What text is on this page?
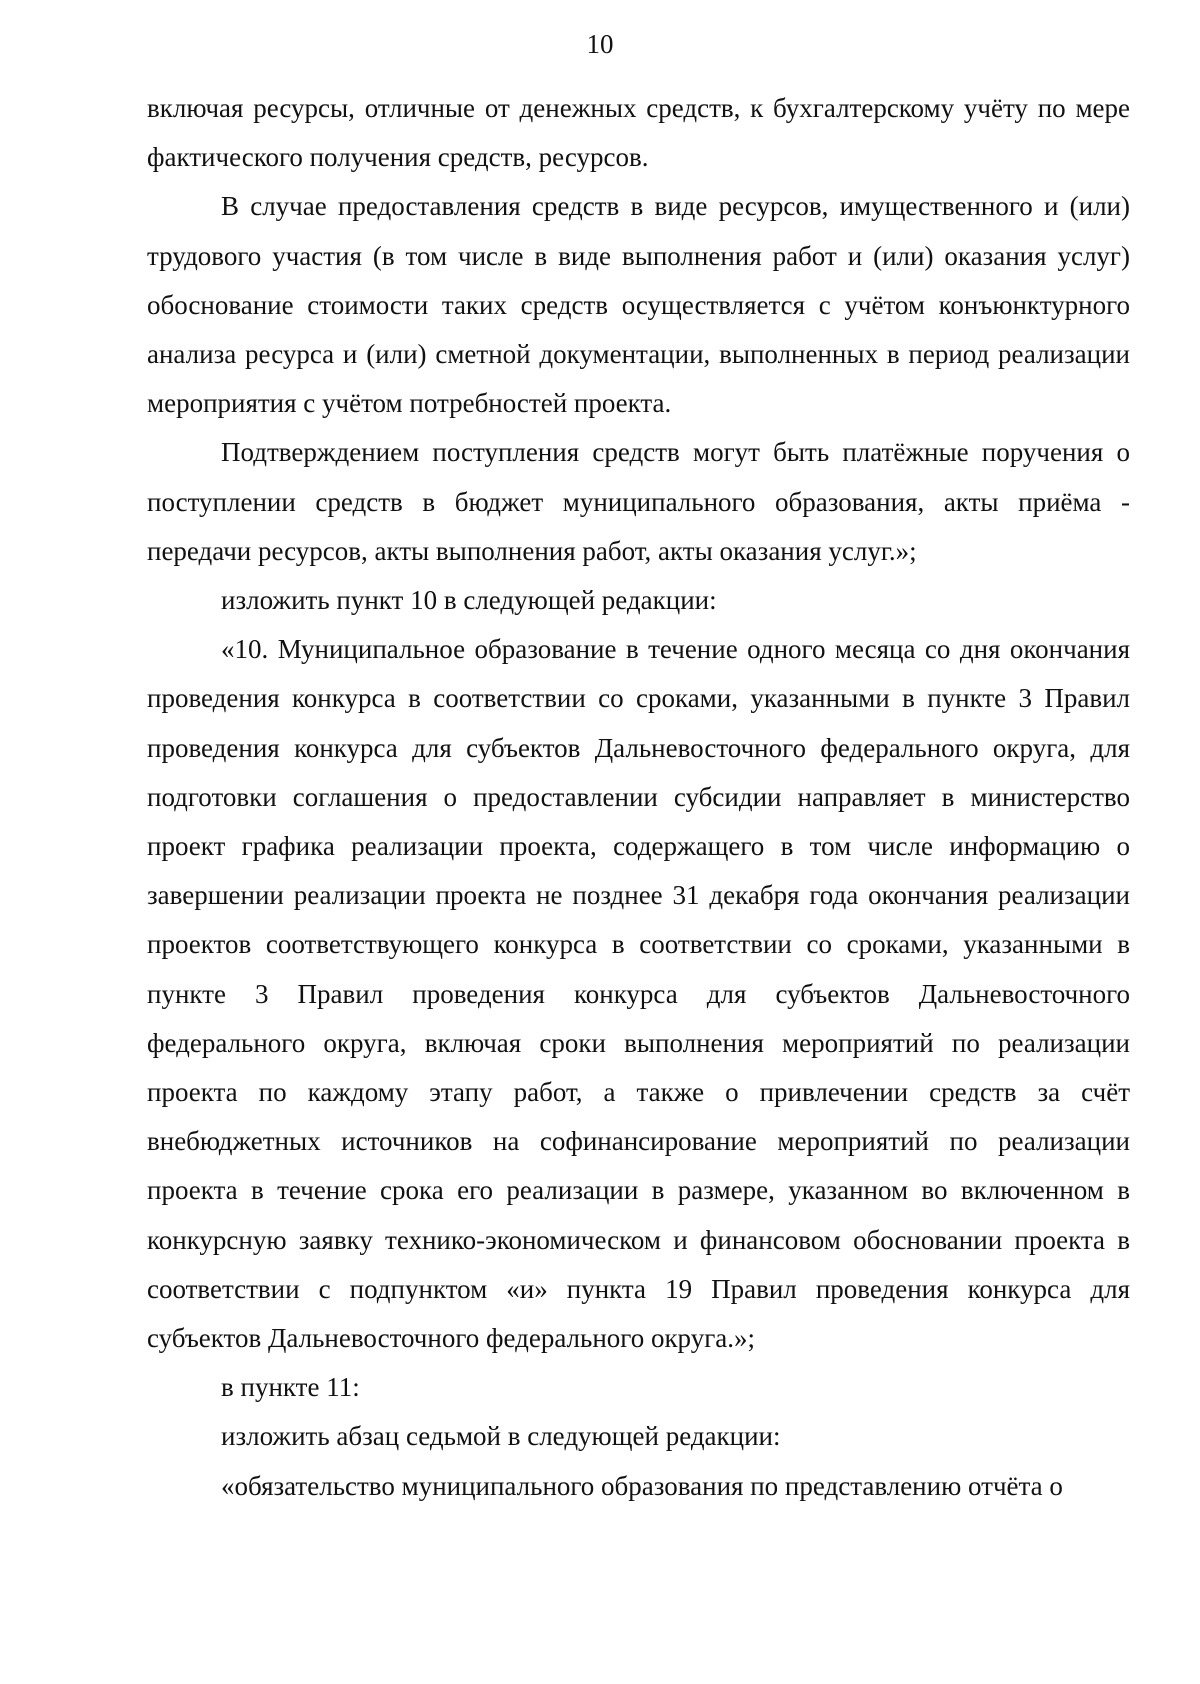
10

включая ресурсы, отличные от денежных средств, к бухгалтерскому учёту по мере фактического получения средств, ресурсов.

В случае предоставления средств в виде ресурсов, имущественного и (или) трудового участия (в том числе в виде выполнения работ и (или) оказания услуг) обоснование стоимости таких средств осуществляется с учётом конъюнктурного анализа ресурса и (или) сметной документации, выполненных в период реализации мероприятия с учётом потребностей проекта.

Подтверждением поступления средств могут быть платёжные поручения о поступлении средств в бюджет муниципального образования, акты приёма - передачи ресурсов, акты выполнения работ, акты оказания услуг.»;

изложить пункт 10 в следующей редакции:

«10. Муниципальное образование в течение одного месяца со дня окончания проведения конкурса в соответствии со сроками, указанными в пункте 3 Правил проведения конкурса для субъектов Дальневосточного федерального округа, для подготовки соглашения о предоставлении субсидии направляет в министерство проект графика реализации проекта, содержащего в том числе информацию о завершении реализации проекта не позднее 31 декабря года окончания реализации проектов соответствующего конкурса в соответствии со сроками, указанными в пункте 3 Правил проведения конкурса для субъектов Дальневосточного федерального округа, включая сроки выполнения мероприятий по реализации проекта по каждому этапу работ, а также о привлечении средств за счёт внебюджетных источников на софинансирование мероприятий по реализации проекта в течение срока его реализации в размере, указанном во включенном в конкурсную заявку технико-экономическом и финансовом обосновании проекта в соответствии с подпунктом «и» пункта 19 Правил проведения конкурса для субъектов Дальневосточного федерального округа.»;

в пункте 11:

изложить абзац седьмой в следующей редакции:

«обязательство муниципального образования по представлению отчёта о
